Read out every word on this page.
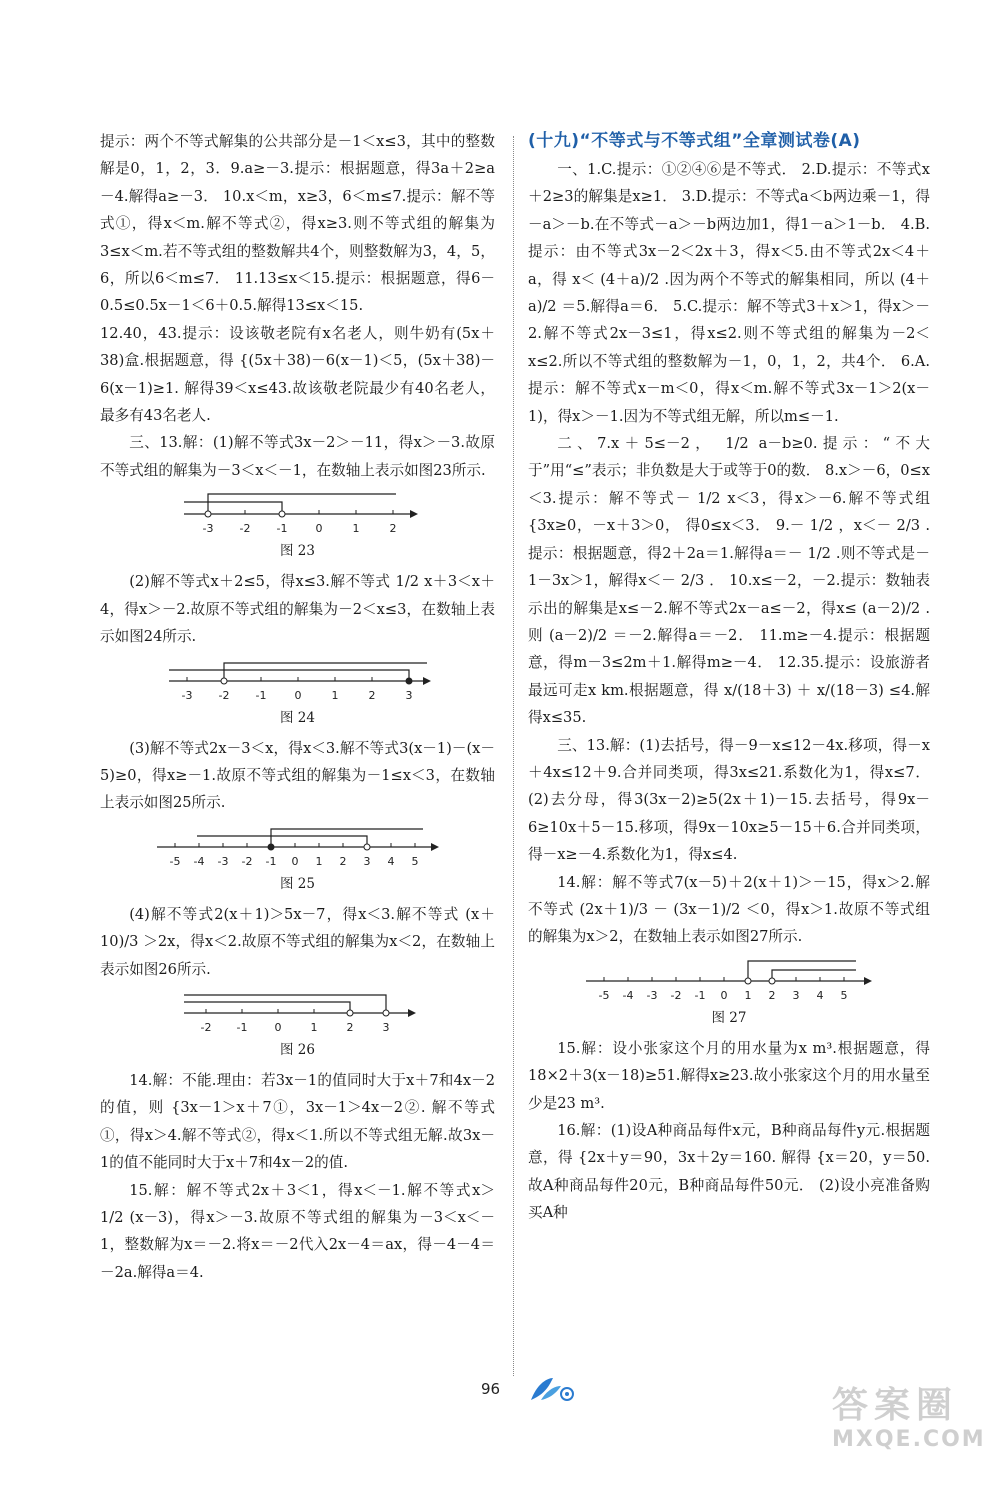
提示：两个不等式解集的公共部分是－1＜x≤3，其中的整数解是0，1，2，3．9.a≥－3.提示：根据题意，得3a＋2≥a－4.解得a≥－3． 10.x＜m，x≥3，6＜m≤7.提示：解不等式①，得x＜m.解不等式②，得x≥3.则不等式组的解集为3≤x＜m.若不等式组的整数解共4个，则整数解为3，4，5，6，所以6＜m≤7． 11.13≤x＜15.提示：根据题意，得6－0.5≤0.5x－1＜6＋0.5.解得13≤x＜15.

12.40，43.提示：设该敬老院有x名老人，则牛奶有(5x＋38)盒.根据题意，得 {(5x＋38)－6(x－1)＜5，(5x＋38)－6(x－1)≥1. 解得39＜x≤43.故该敬老院最少有40名老人，最多有43名老人.

三、13.解：(1)解不等式3x－2＞－11，得x＞－3.故原不等式组的解集为－3＜x＜－1，在数轴上表示如图23所示.

-3 -2 -1	0	1	2
图 23

(2)解不等式x＋2≤5，得x≤3.解不等式 1/2 x＋3＜x＋4，得x＞－2.故原不等式组的解集为－2＜x≤3，在数轴上表示如图24所示.

-3 -2 -1	0	1	2	3
图 24

(3)解不等式2x－3＜x，得x＜3.解不等式3(x－1)－(x－5)≥0，得x≥－1.故原不等式组的解集为－1≤x＜3，在数轴上表示如图25所示.

-5 -4 -3 -2 -1 0 1 2 3 4 5
图 25

(4)解不等式2(x＋1)＞5x－7，得x＜3.解不等式 (x＋10)/3 ＞2x，得x＜2.故原不等式组的解集为x＜2，在数轴上表示如图26所示.

-2 -1 0	1	2	3
图 26

14.解：不能.理由：若3x－1的值同时大于x＋7和4x－2的值，则 {3x－1＞x＋7①，3x－1＞4x－2②. 解不等式①，得x＞4.解不等式②，得x＜1.所以不等式组无解.故3x－1的值不能同时大于x＋7和4x－2的值.

15.解：解不等式2x＋3＜1，得x＜－1.解不等式x＞ 1/2 (x－3)，得x＞－3.故原不等式组的解集为－3＜x＜－1，整数解为x＝－2.将x＝－2代入2x－4＝ax，得－4－4＝－2a.解得a＝4.

(十九)“不等式与不等式组”全章测试卷(A)

一、1.C.提示：①②④⑥是不等式． 2.D.提示：不等式x＋2≥3的解集是x≥1． 3.D.提示：不等式a＜b两边乘－1，得－a＞－b.在不等式－a＞－b两边加1，得1－a＞1－b． 4.B.提示：由不等式3x－2＜2x＋3，得x＜5.由不等式2x＜4＋a，得 x＜ (4＋a)/2 .因为两个不等式的解集相同，所以 (4＋a)/2 ＝5.解得a＝6． 5.C.提示：解不等式3＋x＞1，得x＞－2.解不等式2x－3≤1，得x≤2.则不等式组的解集为－2＜x≤2.所以不等式组的整数解为－1，0，1，2，共4个． 6.A.提示：解不等式x－m＜0，得x＜m.解不等式3x－1＞2(x－1)，得x＞－1.因为不等式组无解，所以m≤－1.

二、7.x＋5≤－2， 1/2 a－b≥0.提示：“不大于”用“≤”表示；非负数是大于或等于0的数． 8.x＞－6，0≤x＜3.提示：解不等式－ 1/2 x＜3，得x＞－6.解不等式组 {3x≥0，－x＋3＞0， 得0≤x＜3． 9.－ 1/2 ，x＜－ 2/3 .提示：根据题意，得2＋2a＝1.解得a＝－ 1/2 .则不等式是－1－3x＞1，解得x＜－ 2/3 ． 10.x≤－2，－2.提示：数轴表示出的解集是x≤－2.解不等式2x－a≤－2，得x≤ (a－2)/2 .则 (a－2)/2 ＝－2.解得a＝－2． 11.m≥－4.提示：根据题意，得m－3≤2m＋1.解得m≥－4． 12.35.提示：设旅游者最远可走x km.根据题意，得 x/(18＋3) ＋ x/(18－3) ≤4.解得x≤35.

三、13.解：(1)去括号，得－9－x≤12－4x.移项，得－x＋4x≤12＋9.合并同类项，得3x≤21.系数化为1，得x≤7． (2)去分母，得3(3x－2)≥5(2x＋1)－15.去括号，得9x－6≥10x＋5－15.移项，得9x－10x≥5－15＋6.合并同类项，得－x≥－4.系数化为1，得x≤4.

14.解：解不等式7(x－5)＋2(x＋1)＞－15，得x＞2.解不等式 (2x＋1)/3 － (3x－1)/2 ＜0，得x＞1.故原不等式组的解集为x＞2，在数轴上表示如图27所示.

-5 -4 -3 -2 -1 0 1 2 3 4 5
图 27

15.解：设小张家这个月的用水量为x m³.根据题意，得18×2＋3(x－18)≥51.解得x≥23.故小张家这个月的用水量至少是23 m³.

16.解：(1)设A种商品每件x元，B种商品每件y元.根据题意，得 {2x＋y＝90，3x＋2y＝160. 解得 {x＝20，y＝50. 故A种商品每件20元，B种商品每件50元． (2)设小亮准备购买A种

96	答案圈
MXQE.COM
